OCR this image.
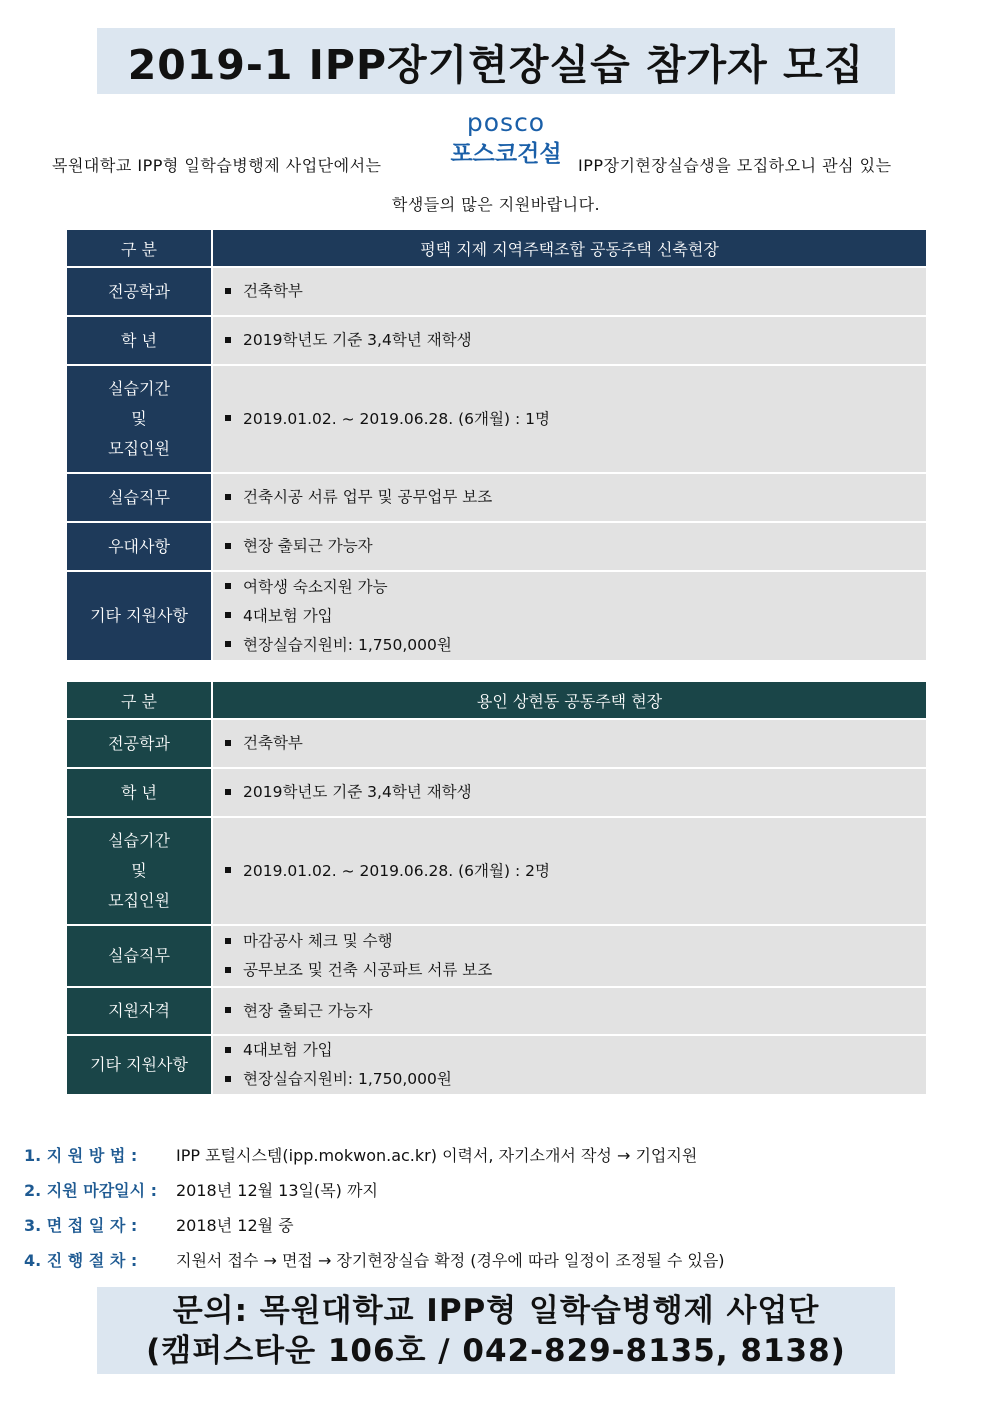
2019-1 IPP장기현장실습 참가자 모집
posco
포스코건설
목원대학교 IPP형 일학습병행제 사업단에서는	IPP장기현장실습생을 모집하오니 관심 있는
학생들의 많은 지원바랍니다.
구 분	평택 지제 지역주택조합 공동주택 신축현장
전공학과	건축학부

학 년	2019학년도 기준 3,4학년 재학생

실습기간
및
모집인원	2019.01.02. ~ 2019.06.28. (6개월) : 1명

실습직무	건축시공 서류 업무 및 공무업무 보조

우대사항	현장 출퇴근 가능자

기타 지원사항	여학생 숙소지원 가능
4대보험 가입
현장실습지원비: 1,750,000원
구 분	용인 상현동 공동주택 현장
전공학과	건축학부

학 년	2019학년도 기준 3,4학년 재학생

실습기간
및
모집인원	2019.01.02. ~ 2019.06.28. (6개월) : 2명

실습직무	마감공사 체크 및 수행
공무보조 및 건축 시공파트 서류 보조

지원자격	현장 출퇴근 가능자

기타 지원사항	4대보험 가입
현장실습지원비: 1,750,000원
1. 지 원 방 법 :	IPP 포털시스템(ipp.mokwon.ac.kr) 이력서, 자기소개서 작성 → 기업지원
2. 지원 마감일시 :	2018년 12월 13일(목) 까지
3. 면 접 일 자 :	2018년 12월 중
4. 진 행 절 차 :	지원서 접수 → 면접 → 장기현장실습 확정 (경우에 따라 일정이 조정될 수 있음)
문의: 목원대학교 IPP형 일학습병행제 사업단
(캠퍼스타운 106호 / 042-829-8135, 8138)
